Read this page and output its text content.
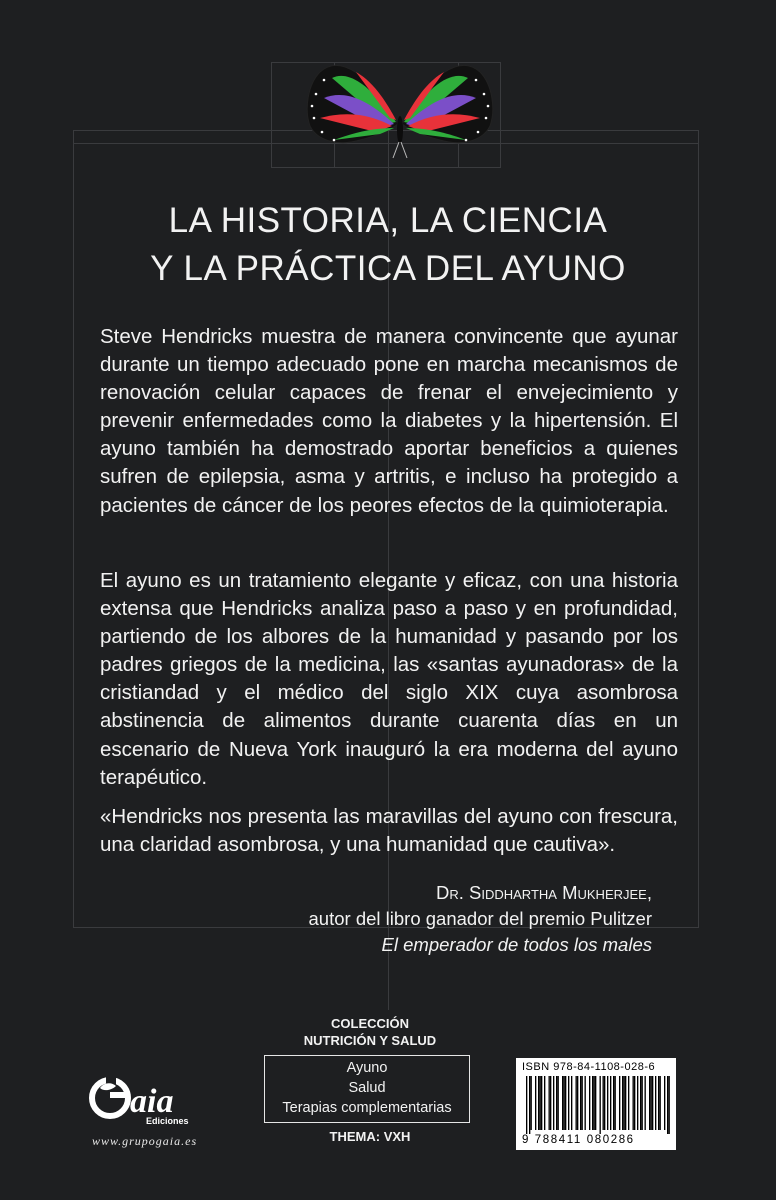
LA HISTORIA, LA CIENCIA
Y LA PRÁCTICA DEL AYUNO

Steve Hendricks muestra de manera convincente que ayunar durante un tiempo adecuado pone en marcha mecanismos de renovación celular capaces de frenar el envejecimiento y prevenir enfermedades como la diabetes y la hipertensión. El ayuno también ha demostrado aportar beneficios a quienes sufren de epilepsia, asma y artritis, e incluso ha protegido a pacientes de cáncer de los peores efectos de la quimioterapia.

El ayuno es un tratamiento elegante y eficaz, con una historia extensa que Hendricks analiza paso a paso y en profundidad, partiendo de los albores de la humanidad y pasando por los padres griegos de la medicina, las «santas ayunadoras» de la cristiandad y el médico del siglo XIX cuya asombrosa abstinencia de alimentos durante cuarenta días en un escenario de Nueva York inauguró la era moderna del ayuno terapéutico.

«Hendricks nos presenta las maravillas del ayuno con frescura, una claridad asombrosa, y una humanidad que cautiva».

Dr. Siddhartha Mukherjee,
autor del libro ganador del premio Pulitzer
El emperador de todos los males
COLECCIÓN
NUTRICIÓN Y SALUD
Ayuno
Salud
Terapias complementarias
THEMA: VXH
aia
Ediciones
www.grupogaia.es
ISBN 978-84-1108-028-6
9 788411 080286
